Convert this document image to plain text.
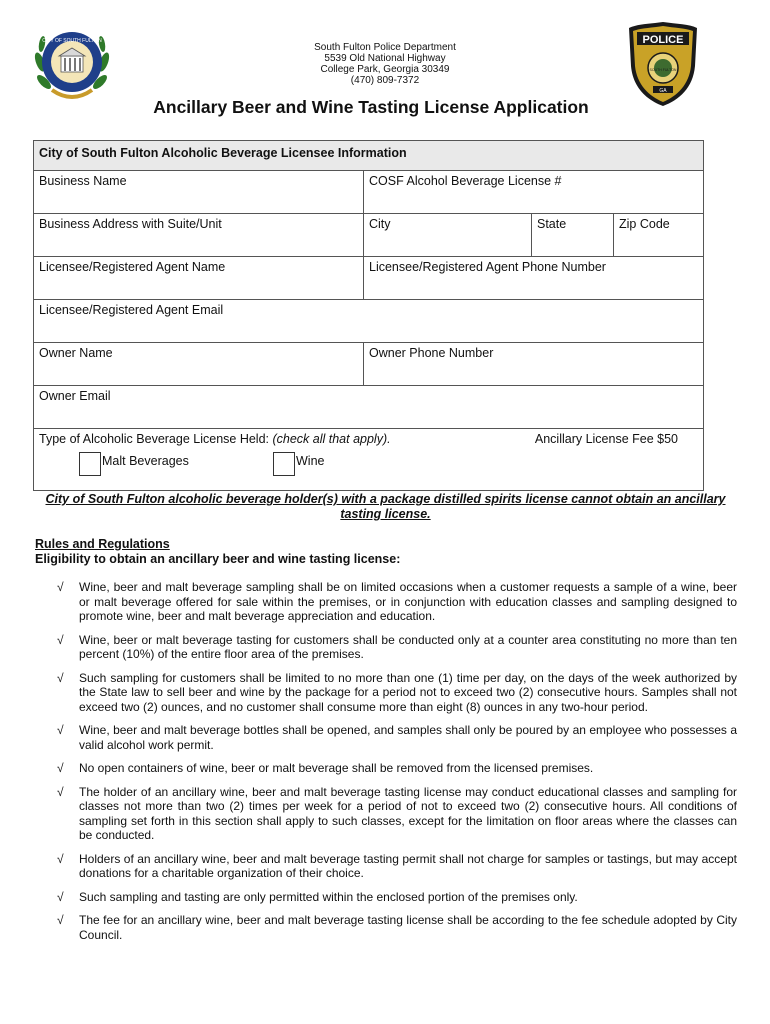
CITY OF SOUTH FULTON	POLICE
SOUTH FULTON
GA
South Fulton Police Department
5539 Old National Highway
College Park, Georgia 30349
(470) 809-7372
Ancillary Beer and Wine Tasting License Application
City of South Fulton Alcoholic Beverage Licensee Information			
Business Name	COSF Alcohol Beverage License #		
Business Address with Suite/Unit	City	State	Zip Code
Licensee/Registered Agent Name	Licensee/Registered Agent Phone Number		
Licensee/Registered Agent Email			
Owner Name	Owner Phone Number		
Owner Email			

Type of Alcoholic Beverage License Held: (check all that apply). Ancillary License Fee $50
Malt Beverages Wine			
City of South Fulton alcoholic beverage holder(s) with a package distilled spirits license cannot obtain an ancillary tasting license.
Rules and Regulations
Eligibility to obtain an ancillary beer and wine tasting license:
√ Wine, beer and malt beverage sampling shall be on limited occasions when a customer requests a sample of a wine, beer or malt beverage offered for sale within the premises, or in conjunction with education classes and sampling designed to promote wine, beer and malt beverage appreciation and education.
√ Wine, beer or malt beverage tasting for customers shall be conducted only at a counter area constituting no more than ten percent (10%) of the entire floor area of the premises.
√ Such sampling for customers shall be limited to no more than one (1) time per day, on the days of the week authorized by the State law to sell beer and wine by the package for a period not to exceed two (2) consecutive hours. Samples shall not exceed two (2) ounces, and no customer shall consume more than eight (8) ounces in any two-hour period.
√ Wine, beer and malt beverage bottles shall be opened, and samples shall only be poured by an employee who possesses a valid alcohol work permit.
√ No open containers of wine, beer or malt beverage shall be removed from the licensed premises.
√ The holder of an ancillary wine, beer and malt beverage tasting license may conduct educational classes and sampling for classes not more than two (2) times per week for a period of not to exceed two (2) consecutive hours. All conditions of sampling set forth in this section shall apply to such classes, except for the limitation on floor areas where the classes can be conducted.
√ Holders of an ancillary wine, beer and malt beverage tasting permit shall not charge for samples or tastings, but may accept donations for a charitable organization of their choice.
√ Such sampling and tasting are only permitted within the enclosed portion of the premises only.
√ The fee for an ancillary wine, beer and malt beverage tasting license shall be according to the fee schedule adopted by City Council.
